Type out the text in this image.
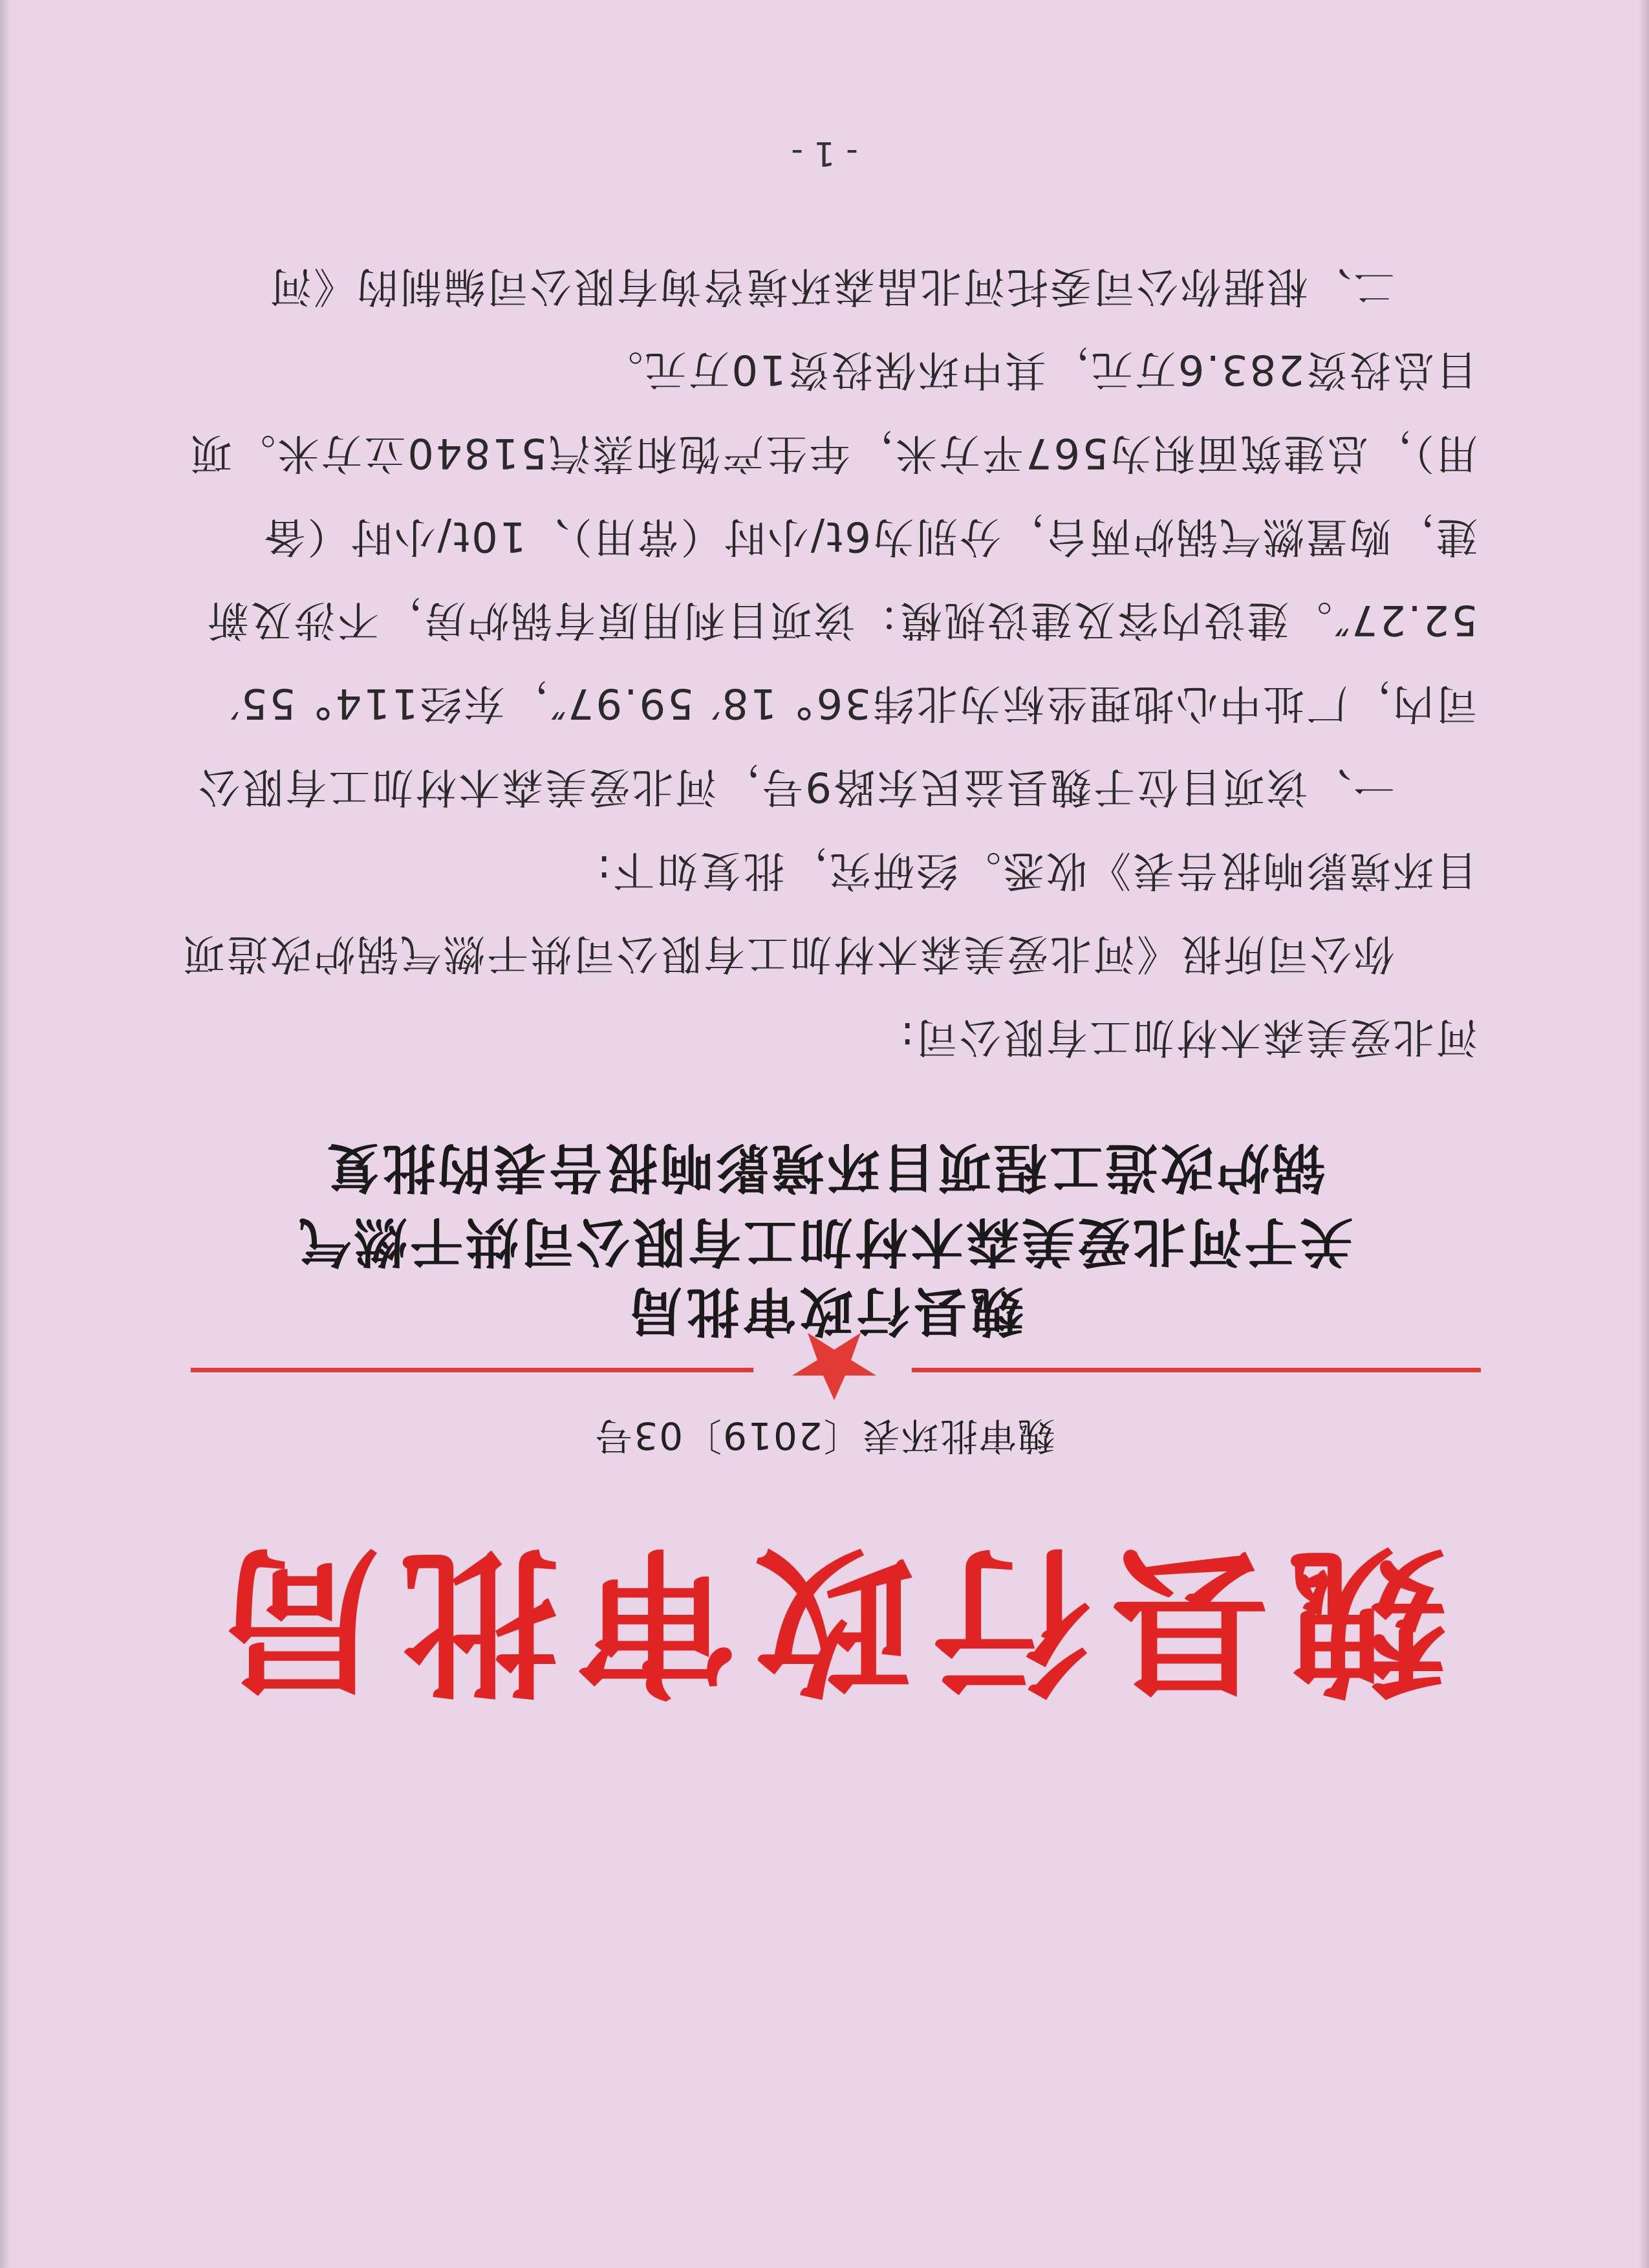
魏县行政审批局
魏审批环表〔2019〕03号
魏县行政审批局
关于河北爱美森木材加工有限公司烘干燃气
锅炉改造工程项目环境影响报告表的批复

河北爱美森木材加工有限公司:

你公司所报《河北爱美森木材加工有限公司烘干燃气锅炉改造项目环境影响报告表》收悉。经研究，批复如下:

一、该项目位于魏县益民东路9号，河北爱美森木材加工有限公司内，厂址中心地理坐标为北纬36° 18′ 59.97″，东经114° 55′ 52.27″。建设内容及建设规模：该项目利用原有锅炉房，不涉及新建，购置燃气锅炉两台，分别为6t/小时（常用）、10t/小时（备用），总建筑面积为567平方米，年生产饱和蒸汽51840立方米。项目总投资283.6万元，其中环保投资10万元。

二、根据你公司委托河北晶森环境咨询有限公司编制的《河

- 1 -
